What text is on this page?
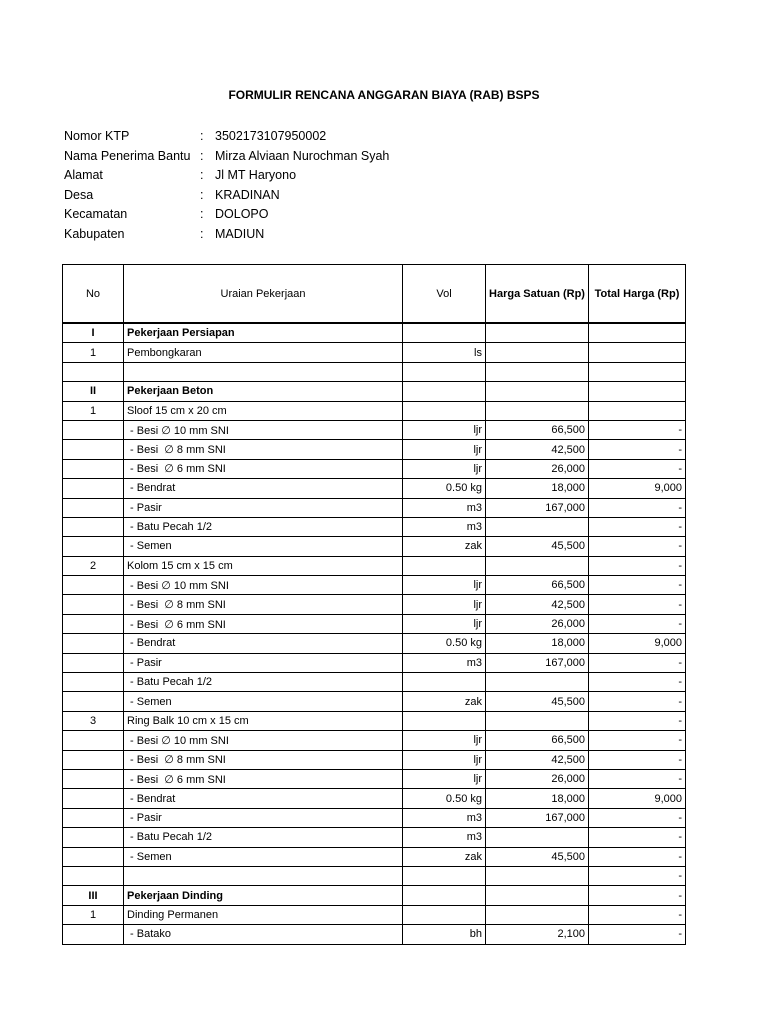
FORMULIR RENCANA ANGGARAN BIAYA (RAB) BSPS
Nomor KTP	: 3502173107950002
Nama Penerima Bantu : Mirza Alviaan Nurochman Syah
Alamat	: Jl MT Haryono
Desa	: KRADINAN
Kecamatan	: DOLOPO
Kabupaten	: MADIUN
No	Uraian Pekerjaan	Vol	Harga Satuan (Rp)	Total Harga (Rp)
I	Pekerjaan Persiapan			
1	Pembongkaran	ls		

II	Pekerjaan Beton			
1	Sloof 15 cm x 20 cm			
	- Besi ∅ 10 mm SNI	ljr	66,500	-
	- Besi  ∅ 8 mm SNI	ljr	42,500	-
	- Besi  ∅ 6 mm SNI	ljr	26,000	-
	- Bendrat	0.50 kg	18,000	9,000
	- Pasir	m3	167,000	-
	- Batu Pecah 1/2	m3		-
	- Semen	zak	45,500	-
2	Kolom 15 cm x 15 cm			-
	- Besi ∅ 10 mm SNI	ljr	66,500	-
	- Besi  ∅ 8 mm SNI	ljr	42,500	-
	- Besi  ∅ 6 mm SNI	ljr	26,000	-
	- Bendrat	0.50 kg	18,000	9,000
	- Pasir	m3	167,000	-
	- Batu Pecah 1/2			-
	- Semen	zak	45,500	-
3	Ring Balk 10 cm x 15 cm			-
	- Besi ∅ 10 mm SNI	ljr	66,500	-
	- Besi  ∅ 8 mm SNI	ljr	42,500	-
	- Besi  ∅ 6 mm SNI	ljr	26,000	-
	- Bendrat	0.50 kg	18,000	9,000
	- Pasir	m3	167,000	-
	- Batu Pecah 1/2	m3		-
	- Semen	zak	45,500	-
				-
III	Pekerjaan Dinding			-
1	Dinding Permanen			-
	- Batako	bh	2,100	-
